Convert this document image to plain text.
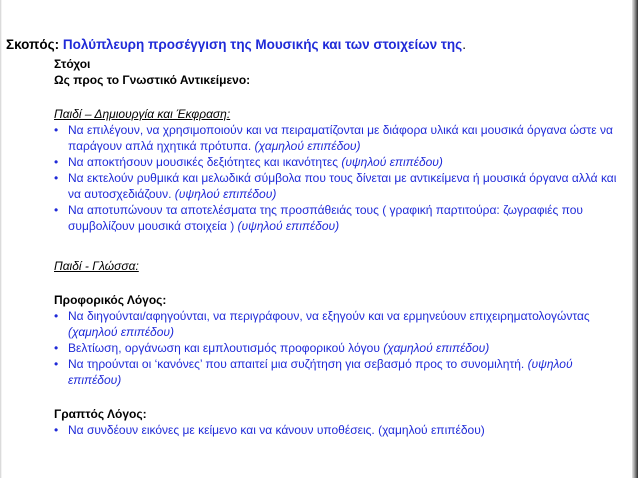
Σκοπός: Πολύπλευρη προσέγγιση της Μουσικής και των στοιχείων της.
Στόχοι
Ως προς το Γνωστικό Αντικείμενο:
Παιδί – Δημιουργία και Έκφραση:
• Να επιλέγουν, να χρησιμοποιούν και να πειραματίζονται με διάφορα υλικά και μουσικά όργανα ώστε να παράγουν απλά ηχητικά πρότυπα. (χαμηλού επιπέδου)
• Να αποκτήσουν μουσικές δεξιότητες και ικανότητες (υψηλού επιπέδου)
• Να εκτελούν ρυθμικά και μελωδικά σύμβολα που τους δίνεται με αντικείμενα ή μουσικά όργανα αλλά και να αυτοσχεδιάζουν. (υψηλού επιπέδου)
• Να αποτυπώνουν τα αποτελέσματα της προσπάθειάς τους ( γραφική παρτιτούρα: ζωγραφιές που συμβολίζουν μουσικά στοιχεία ) (υψηλού επιπέδου)
Παιδί - Γλώσσα:
Προφορικός Λόγος:
• Να διηγούνται/αφηγούνται, να περιγράφουν, να εξηγούν και να ερμηνεύουν επιχειρηματολογώντας (χαμηλού επιπέδου)
• Βελτίωση, οργάνωση και εμπλουτισμός προφορικού λόγου (χαμηλού επιπέδου)
• Να τηρούνται οι ‘κανόνες’ που απαιτεί μια συζήτηση για σεβασμό προς το συνομιλητή. (υψηλού επιπέδου)
Γραπτός Λόγος:
• Να συνδέουν εικόνες με κείμενο και να κάνουν υποθέσεις. (χαμηλού επιπέδου)
